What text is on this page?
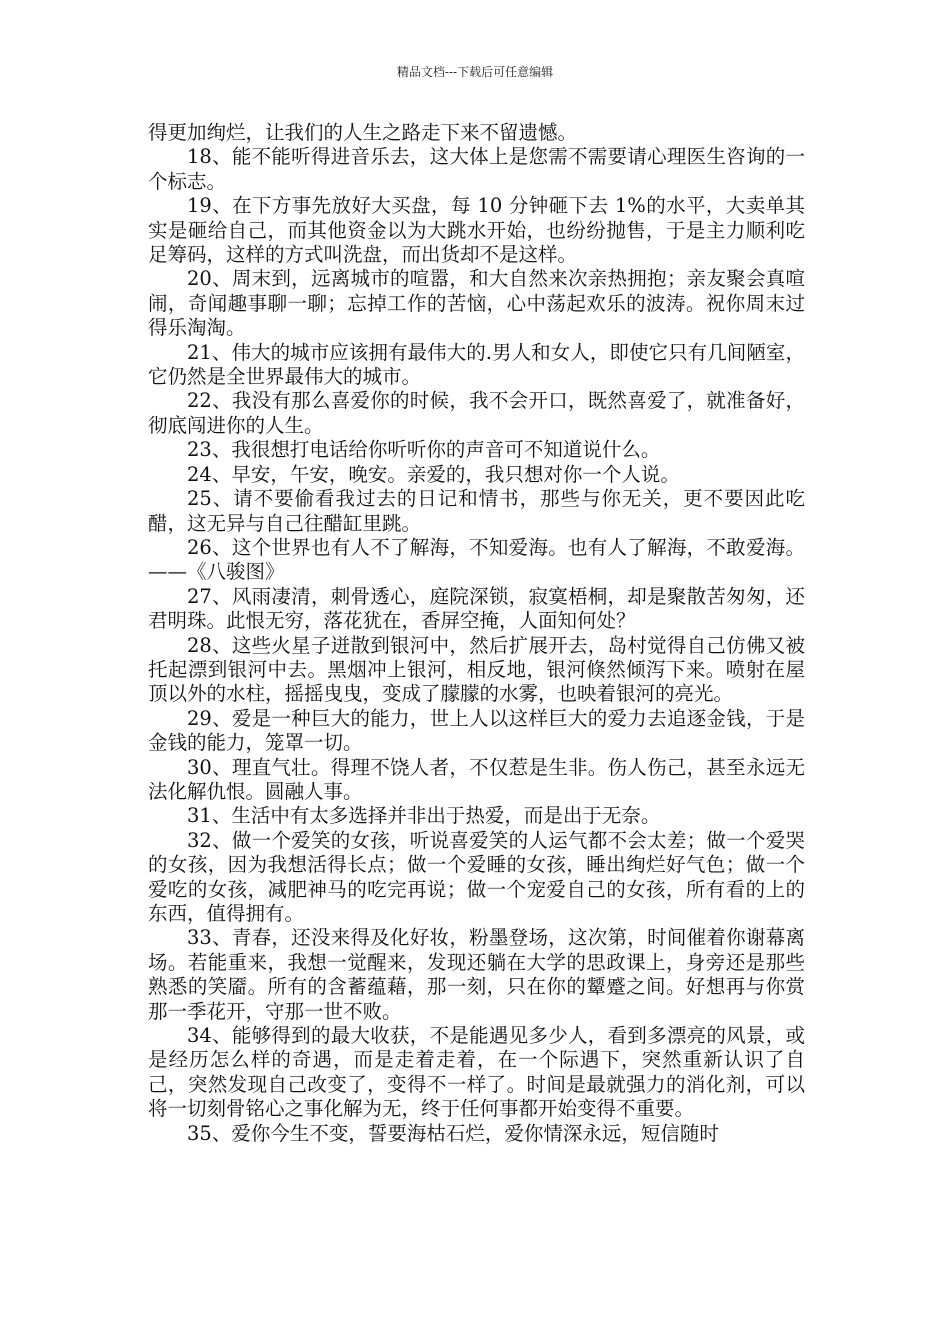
精品文档---下载后可任意编辑

得更加绚烂，让我们的人生之路走下来不留遗憾。

18、能不能听得进音乐去，这大体上是您需不需要请心理医生咨询的一个标志。

19、在下方事先放好大买盘，每 10 分钟砸下去 1%的水平，大卖单其实是砸给自己，而其他资金以为大跳水开始，也纷纷抛售，于是主力顺利吃足筹码，这样的方式叫洗盘，而出货却不是这样。

20、周末到，远离城市的喧嚣，和大自然来次亲热拥抱；亲友聚会真喧闹，奇闻趣事聊一聊；忘掉工作的苦恼，心中荡起欢乐的波涛。祝你周末过得乐淘淘。

21、伟大的城市应该拥有最伟大的.男人和女人，即使它只有几间陋室，它仍然是全世界最伟大的城市。

22、我没有那么喜爱你的时候，我不会开口，既然喜爱了，就准备好，彻底闯进你的人生。

23、我很想打电话给你听听你的声音可不知道说什么。

24、早安，午安，晚安。亲爱的，我只想对你一个人说。

25、请不要偷看我过去的日记和情书，那些与你无关，更不要因此吃醋，这无异与自己往醋缸里跳。

26、这个世界也有人不了解海，不知爱海。也有人了解海，不敢爱海。——《八骏图》

27、风雨凄清，刺骨透心，庭院深锁，寂寞梧桐，却是聚散苦匆匆，还君明珠。此恨无穷，落花犹在，香屏空掩，人面知何处？

28、这些火星子迸散到银河中，然后扩展开去，岛村觉得自己仿佛又被托起漂到银河中去。黑烟冲上银河，相反地，银河倏然倾泻下来。喷射在屋顶以外的水柱，摇摇曳曳，变成了朦朦的水雾，也映着银河的亮光。

29、爱是一种巨大的能力，世上人以这样巨大的爱力去追逐金钱，于是金钱的能力，笼罩一切。

30、理直气壮。得理不饶人者，不仅惹是生非。伤人伤己，甚至永远无法化解仇恨。圆融人事。

31、生活中有太多选择并非出于热爱，而是出于无奈。

32、做一个爱笑的女孩，听说喜爱笑的人运气都不会太差；做一个爱哭的女孩，因为我想活得长点；做一个爱睡的女孩，睡出绚烂好气色；做一个爱吃的女孩，减肥神马的吃完再说；做一个宠爱自己的女孩，所有看的上的东西，值得拥有。

33、青春，还没来得及化好妆，粉墨登场，这次第，时间催着你谢幕离场。若能重来，我想一觉醒来，发现还躺在大学的思政课上，身旁还是那些熟悉的笑靥。所有的含蓄蕴藉，那一刻，只在你的颦蹙之间。好想再与你赏那一季花开，守那一世不败。

34、能够得到的最大收获，不是能遇见多少人，看到多漂亮的风景，或是经历怎么样的奇遇，而是走着走着，在一个际遇下，突然重新认识了自己，突然发现自己改变了，变得不一样了。时间是最就强力的消化剂，可以将一切刻骨铭心之事化解为无，终于任何事都开始变得不重要。

35、爱你今生不变，誓要海枯石烂，爱你情深永远，短信随时
